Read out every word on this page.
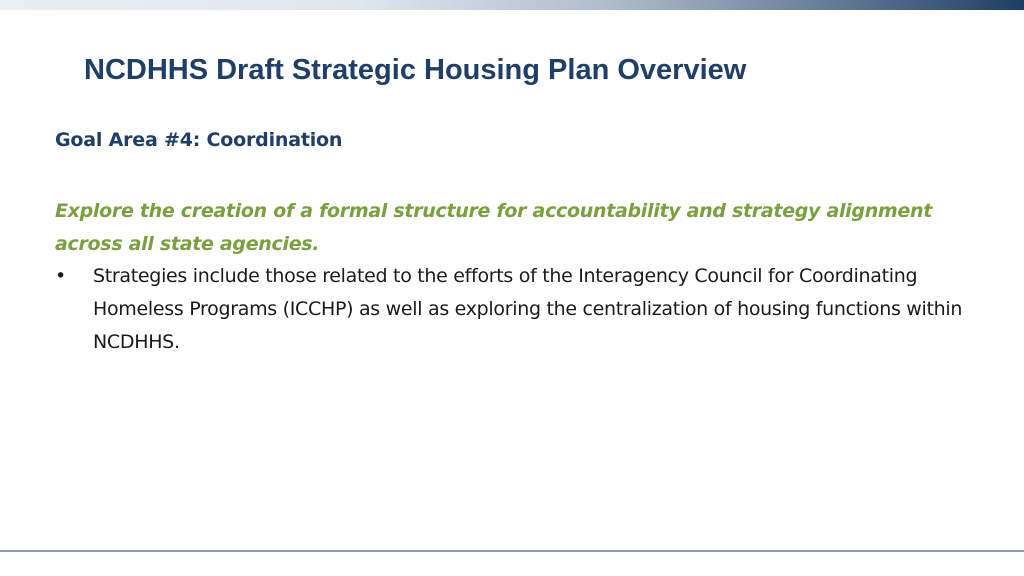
NCDHHS Draft Strategic Housing Plan Overview
Goal Area #4: Coordination
Explore the creation of a formal structure for accountability and strategy alignment across all state agencies.
• Strategies include those related to the efforts of the Interagency Council for Coordinating Homeless Programs (ICCHP) as well as exploring the centralization of housing functions within NCDHHS.
